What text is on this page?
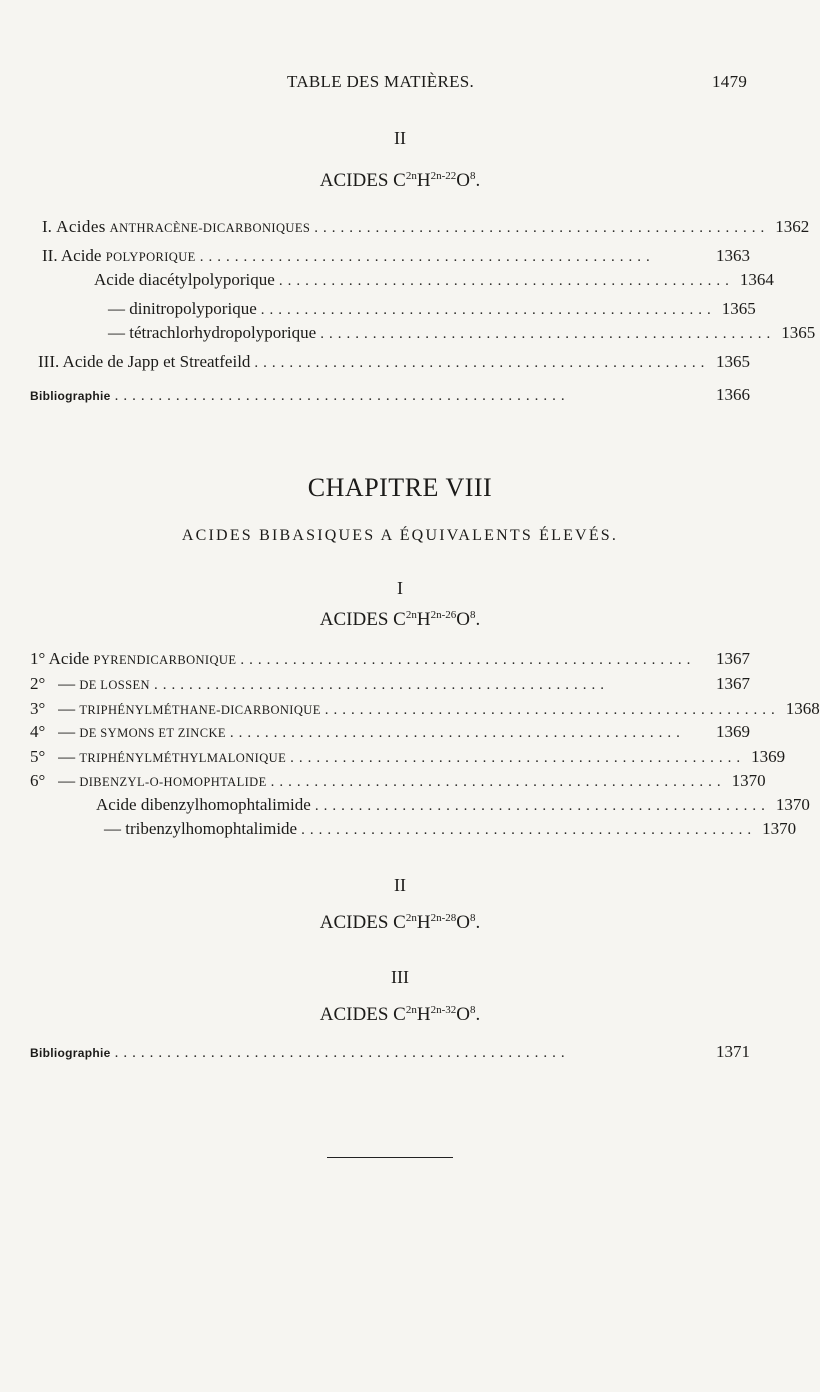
TABLE DES MATIÈRES.	1479
II
ACIDES $C^{2n}H^{2n-22}O^8$.
I. Acides ANTHRACÈNE-DICARBONIQUES .................................................... 1362
II. Acide POLYPORIQUE ....................................................	1363
Acide diacétylpolyporique .................................................... 1364
— dinitropolyporique .................................................... 1365
— tétrachlorhydropolyporique .................................................... 1365
III. Acide de Japp et Streatfeild .................................................... 1365
Bibliographie ....................................................	1366
CHAPITRE VIII
ACIDES BIBASIQUES A ÉQUIVALENTS ÉLEVÉS.
I
ACIDES $C^{2n}H^{2n-26}O^8$.
1° Acide PYRENDICARBONIQUE ....................................................	1367
2° — DE LOSSEN ....................................................	1367
3° — TRIPHÉNYLMÉTHANE-DICARBONIQUE .................................................... 1368
4° — DE SYMONS ET ZINCKE ....................................................	1369
5° — TRIPHÉNYLMÉTHYLMALONIQUE .................................................... 1369
6° — DIBENZYL-O-HOMOPHTALIDE .................................................... 1370
Acide dibenzylhomophtalimide .................................................... 1370
— tribenzylhomophtalimide .................................................... 1370
II
ACIDES $C^{2n}H^{2n-28}O^8$.
III
ACIDES $C^{2n}H^{2n-32}O^8$.
Bibliographie ....................................................	1371
